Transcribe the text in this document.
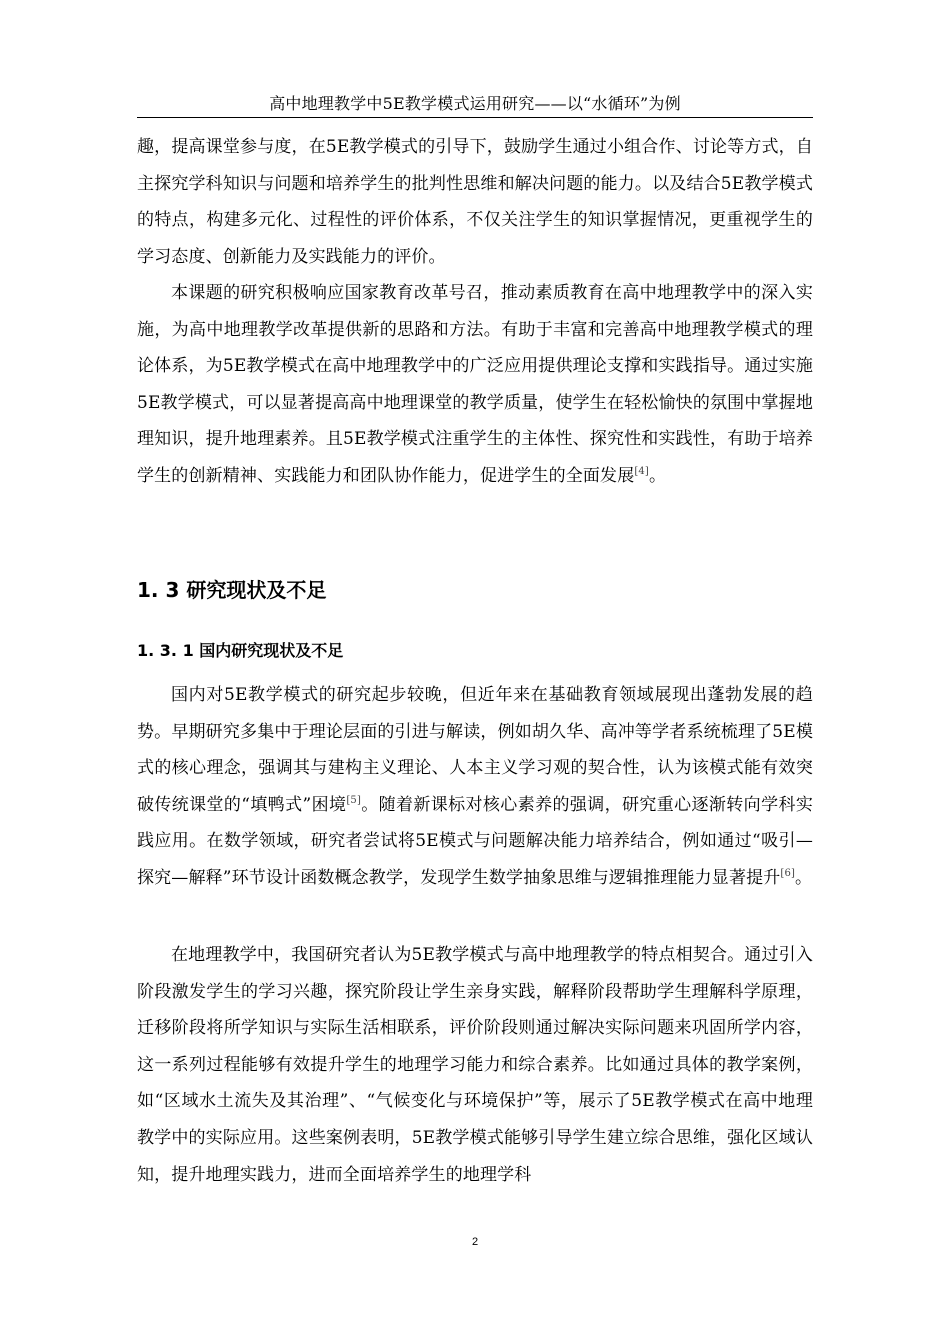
高中地理教学中5E教学模式运用研究——以“水循环”为例

趣，提高课堂参与度，在5E教学模式的引导下，鼓励学生通过小组合作、讨论等方式，自主探究学科知识与问题和培养学生的批判性思维和解决问题的能力。以及结合5E教学模式的特点，构建多元化、过程性的评价体系，不仅关注学生的知识掌握情况，更重视学生的学习态度、创新能力及实践能力的评价。

本课题的研究积极响应国家教育改革号召，推动素质教育在高中地理教学中的深入实施，为高中地理教学改革提供新的思路和方法。有助于丰富和完善高中地理教学模式的理论体系，为5E教学模式在高中地理教学中的广泛应用提供理论支撑和实践指导。通过实施5E教学模式，可以显著提高高中地理课堂的教学质量，使学生在轻松愉快的氛围中掌握地理知识，提升地理素养。且5E教学模式注重学生的主体性、探究性和实践性，有助于培养学生的创新精神、实践能力和团队协作能力，促进学生的全面发展[4]。

1. 3 研究现状及不足
1. 3. 1 国内研究现状及不足

国内对5E教学模式的研究起步较晚，但近年来在基础教育领域展现出蓬勃发展的趋势。早期研究多集中于理论层面的引进与解读，例如胡久华、高冲等学者系统梳理了5E模式的核心理念，强调其与建构主义理论、人本主义学习观的契合性，认为该模式能有效突破传统课堂的“填鸭式”困境[5]。随着新课标对核心素养的强调，研究重心逐渐转向学科实践应用。在数学领域，研究者尝试将5E模式与问题解决能力培养结合，例如通过“吸引—探究—解释”环节设计函数概念教学，发现学生数学抽象思维与逻辑推理能力显著提升[6]。

在地理教学中，我国研究者认为5E教学模式与高中地理教学的特点相契合。通过引入阶段激发学生的学习兴趣，探究阶段让学生亲身实践，解释阶段帮助学生理解科学原理，迁移阶段将所学知识与实际生活相联系，评价阶段则通过解决实际问题来巩固所学内容，这一系列过程能够有效提升学生的地理学习能力和综合素养。比如通过具体的教学案例，如“区域水土流失及其治理”、“气候变化与环境保护”等，展示了5E教学模式在高中地理教学中的实际应用。这些案例表明，5E教学模式能够引导学生建立综合思维，强化区域认知，提升地理实践力，进而全面培养学生的地理学科

2
